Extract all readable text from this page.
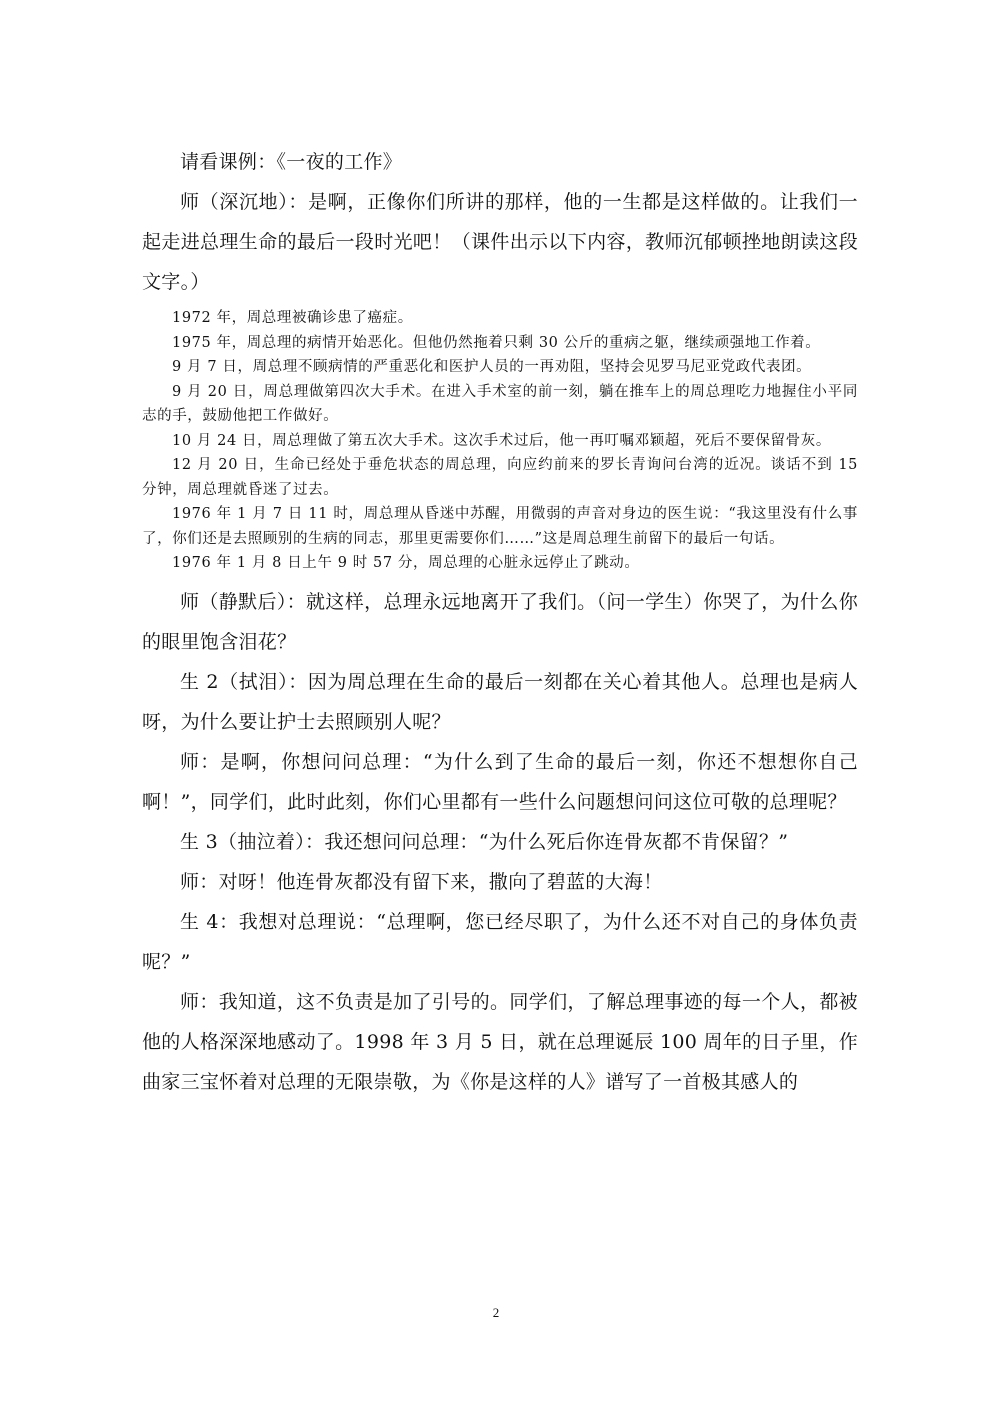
请看课例：《一夜的工作》

师（深沉地）：是啊，正像你们所讲的那样，他的一生都是这样做的。让我们一起走进总理生命的最后一段时光吧！（课件出示以下内容，教师沉郁顿挫地朗读这段文字。）

1972 年，周总理被确诊患了癌症。

1975 年，周总理的病情开始恶化。但他仍然拖着只剩 30 公斤的重病之躯，继续顽强地工作着。

9 月 7 日，周总理不顾病情的严重恶化和医护人员的一再劝阻，坚持会见罗马尼亚党政代表团。

9 月 20 日，周总理做第四次大手术。在进入手术室的前一刻，躺在推车上的周总理吃力地握住小平同志的手，鼓励他把工作做好。

10 月 24 日，周总理做了第五次大手术。这次手术过后，他一再叮嘱邓颖超，死后不要保留骨灰。

12 月 20 日，生命已经处于垂危状态的周总理，向应约前来的罗长青询问台湾的近况。谈话不到 15 分钟，周总理就昏迷了过去。

1976 年 1 月 7 日 11 时，周总理从昏迷中苏醒，用微弱的声音对身边的医生说：“我这里没有什么事了，你们还是去照顾别的生病的同志，那里更需要你们……”这是周总理生前留下的最后一句话。

1976 年 1 月 8 日上午 9 时 57 分，周总理的心脏永远停止了跳动。

师（静默后）：就这样，总理永远地离开了我们。（问一学生）你哭了，为什么你的眼里饱含泪花？

生 2（拭泪）：因为周总理在生命的最后一刻都在关心着其他人。总理也是病人呀，为什么要让护士去照顾别人呢？

师：是啊，你想问问总理：“为什么到了生命的最后一刻，你还不想想你自己啊！”，同学们，此时此刻，你们心里都有一些什么问题想问问这位可敬的总理呢？

生 3（抽泣着）：我还想问问总理：“为什么死后你连骨灰都不肯保留？”

师：对呀！他连骨灰都没有留下来，撒向了碧蓝的大海！

生 4：我想对总理说：“总理啊，您已经尽职了，为什么还不对自己的身体负责呢？”

师：我知道，这不负责是加了引号的。同学们，了解总理事迹的每一个人，都被他的人格深深地感动了。1998 年 3 月 5 日，就在总理诞辰 100 周年的日子里，作曲家三宝怀着对总理的无限崇敬，为《你是这样的人》谱写了一首极其感人的

2
